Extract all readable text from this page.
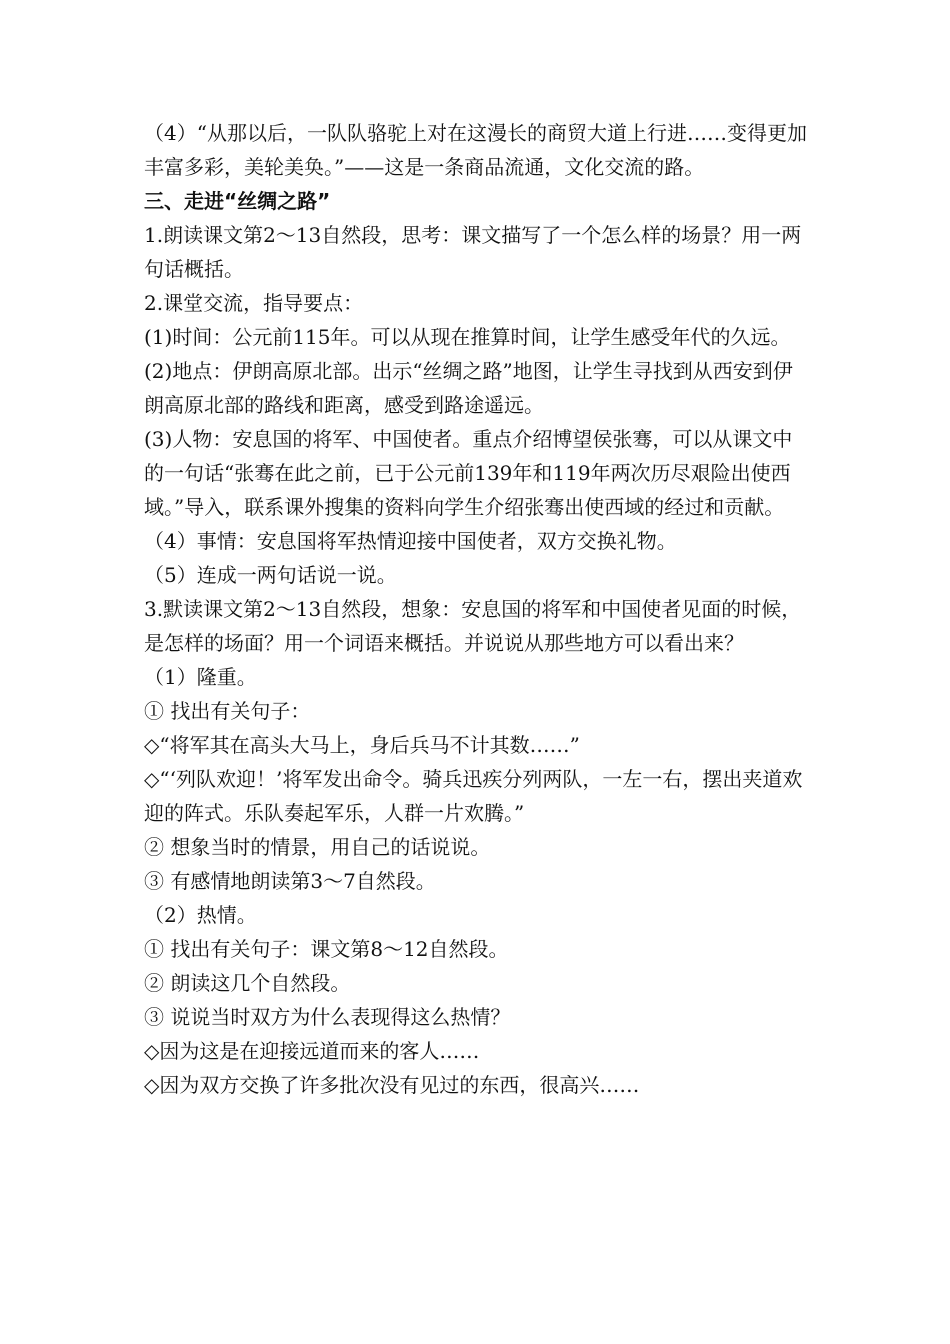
（4）“从那以后，一队队骆驼上对在这漫长的商贸大道上行进……变得更加丰富多彩，美轮美奂。”——这是一条商品流通，文化交流的路。

三、走进“丝绸之路”

1.朗读课文第2～13自然段，思考：课文描写了一个怎么样的场景？用一两句话概括。

2.课堂交流，指导要点：

(1)时间：公元前115年。可以从现在推算时间，让学生感受年代的久远。

(2)地点：伊朗高原北部。出示“丝绸之路”地图，让学生寻找到从西安到伊朗高原北部的路线和距离，感受到路途遥远。

(3)人物：安息国的将军、中国使者。重点介绍博望侯张骞，可以从课文中的一句话“张骞在此之前，已于公元前139年和119年两次历尽艰险出使西域。”导入，联系课外搜集的资料向学生介绍张骞出使西域的经过和贡献。

（4）事情：安息国将军热情迎接中国使者，双方交换礼物。

（5）连成一两句话说一说。

3.默读课文第2～13自然段，想象：安息国的将军和中国使者见面的时候，是怎样的场面？用一个词语来概括。并说说从那些地方可以看出来？

（1）隆重。

① 找出有关句子：

◇“将军其在高头大马上，身后兵马不计其数……”

◇“‘列队欢迎！’将军发出命令。骑兵迅疾分列两队，一左一右，摆出夹道欢迎的阵式。乐队奏起军乐，人群一片欢腾。”

② 想象当时的情景，用自己的话说说。

③ 有感情地朗读第3～7自然段。

（2）热情。

① 找出有关句子：课文第8～12自然段。

② 朗读这几个自然段。

③ 说说当时双方为什么表现得这么热情？

◇因为这是在迎接远道而来的客人……

◇因为双方交换了许多批次没有见过的东西，很高兴……
